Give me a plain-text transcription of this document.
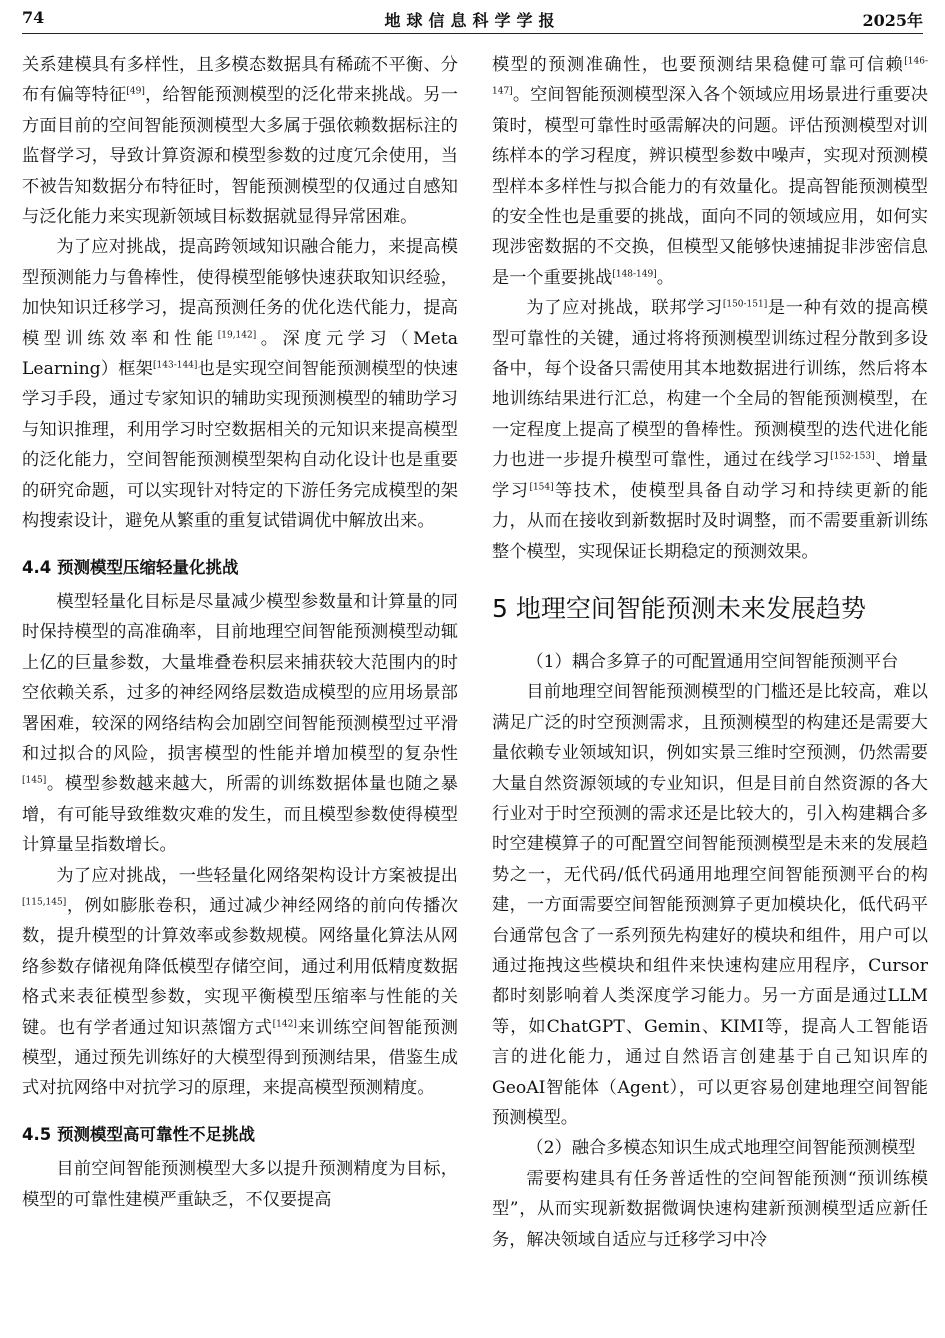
74	地球信息科学学报	2025年

关系建模具有多样性，且多模态数据具有稀疏不平衡、分布有偏等特征[49]，给智能预测模型的泛化带来挑战。另一方面目前的空间智能预测模型大多属于强依赖数据标注的监督学习，导致计算资源和模型参数的过度冗余使用，当不被告知数据分布特征时，智能预测模型的仅通过自感知与泛化能力来实现新领域目标数据就显得异常困难。

为了应对挑战，提高跨领域知识融合能力，来提高模型预测能力与鲁棒性，使得模型能够快速获取知识经验，加快知识迁移学习，提高预测任务的优化迭代能力，提高模型训练效率和性能[19,142]。深度元学习（Meta Learning）框架[143-144]也是实现空间智能预测模型的快速学习手段，通过专家知识的辅助实现预测模型的辅助学习与知识推理，利用学习时空数据相关的元知识来提高模型的泛化能力，空间智能预测模型架构自动化设计也是重要的研究命题，可以实现针对特定的下游任务完成模型的架构搜索设计，避免从繁重的重复试错调优中解放出来。

4.4 预测模型压缩轻量化挑战

模型轻量化目标是尽量减少模型参数量和计算量的同时保持模型的高准确率，目前地理空间智能预测模型动辄上亿的巨量参数，大量堆叠卷积层来捕获较大范围内的时空依赖关系，过多的神经网络层数造成模型的应用场景部署困难，较深的网络结构会加剧空间智能预测模型过平滑和过拟合的风险，损害模型的性能并增加模型的复杂性[145]。模型参数越来越大，所需的训练数据体量也随之暴增，有可能导致维数灾难的发生，而且模型参数使得模型计算量呈指数增长。

为了应对挑战，一些轻量化网络架构设计方案被提出[115,145]，例如膨胀卷积，通过减少神经网络的前向传播次数，提升模型的计算效率或参数规模。网络量化算法从网络参数存储视角降低模型存储空间，通过利用低精度数据格式来表征模型参数，实现平衡模型压缩率与性能的关键。也有学者通过知识蒸馏方式[142]来训练空间智能预测模型，通过预先训练好的大模型得到预测结果，借鉴生成式对抗网络中对抗学习的原理，来提高模型预测精度。

4.5 预测模型高可靠性不足挑战

目前空间智能预测模型大多以提升预测精度为目标，模型的可靠性建模严重缺乏，不仅要提高

模型的预测准确性，也要预测结果稳健可靠可信赖[146-147]。空间智能预测模型深入各个领域应用场景进行重要决策时，模型可靠性时亟需解决的问题。评估预测模型对训练样本的学习程度，辨识模型参数中噪声，实现对预测模型样本多样性与拟合能力的有效量化。提高智能预测模型的安全性也是重要的挑战，面向不同的领域应用，如何实现涉密数据的不交换，但模型又能够快速捕捉非涉密信息是一个重要挑战[148-149]。

为了应对挑战，联邦学习[150-151]是一种有效的提高模型可靠性的关键，通过将将预测模型训练过程分散到多设备中，每个设备只需使用其本地数据进行训练，然后将本地训练结果进行汇总，构建一个全局的智能预测模型，在一定程度上提高了模型的鲁棒性。预测模型的迭代进化能力也进一步提升模型可靠性，通过在线学习[152-153]、增量学习[154]等技术，使模型具备自动学习和持续更新的能力，从而在接收到新数据时及时调整，而不需要重新训练整个模型，实现保证长期稳定的预测效果。

5 地理空间智能预测未来发展趋势

（1）耦合多算子的可配置通用空间智能预测平台

目前地理空间智能预测模型的门槛还是比较高，难以满足广泛的时空预测需求，且预测模型的构建还是需要大量依赖专业领域知识，例如实景三维时空预测，仍然需要大量自然资源领域的专业知识，但是目前自然资源的各大行业对于时空预测的需求还是比较大的，引入构建耦合多时空建模算子的可配置空间智能预测模型是未来的发展趋势之一，无代码/低代码通用地理空间智能预测平台的构建，一方面需要空间智能预测算子更加模块化，低代码平台通常包含了一系列预先构建好的模块和组件，用户可以通过拖拽这些模块和组件来快速构建应用程序，Cursor都时刻影响着人类深度学习能力。另一方面是通过LLM等，如ChatGPT、Gemin、KIMI等，提高人工智能语言的进化能力，通过自然语言创建基于自己知识库的GeoAI智能体（Agent），可以更容易创建地理空间智能预测模型。

（2）融合多模态知识生成式地理空间智能预测模型

需要构建具有任务普适性的空间智能预测“预训练模型”，从而实现新数据微调快速构建新预测模型适应新任务，解决领域自适应与迁移学习中冷
